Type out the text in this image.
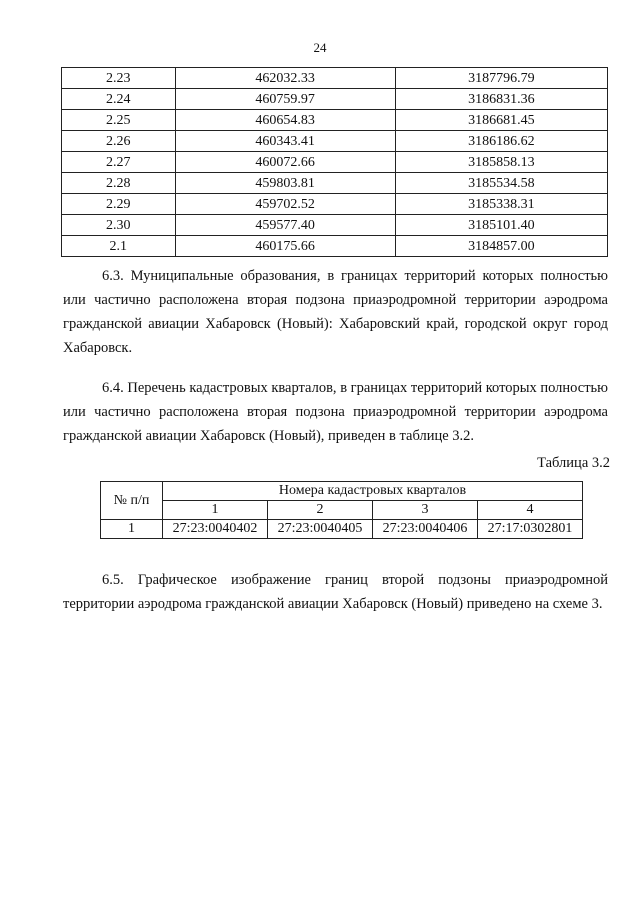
24
2.23	462032.33	3187796.79
2.24	460759.97	3186831.36
2.25	460654.83	3186681.45
2.26	460343.41	3186186.62
2.27	460072.66	3185858.13
2.28	459803.81	3185534.58
2.29	459702.52	3185338.31
2.30	459577.40	3185101.40
2.1	460175.66	3184857.00

6.3. Муниципальные образования, в границах территорий которых полностью или частично расположена вторая подзона приаэродромной территории аэродрома гражданской авиации Хабаровск (Новый): Хабаровский край, городской округ город Хабаровск.

6.4. Перечень кадастровых кварталов, в границах территорий которых полностью или частично расположена вторая подзона приаэродромной территории аэродрома гражданской авиации Хабаровск (Новый), приведен в таблице 3.2.

Таблица 3.2
№ п/п	Номера кадастровых кварталов			
	1	2	3	4
1	27:23:0040402	27:23:0040405	27:23:0040406	27:17:0302801

6.5. Графическое изображение границ второй подзоны приаэродромной территории аэродрома гражданской авиации Хабаровск (Новый) приведено на схеме 3.
